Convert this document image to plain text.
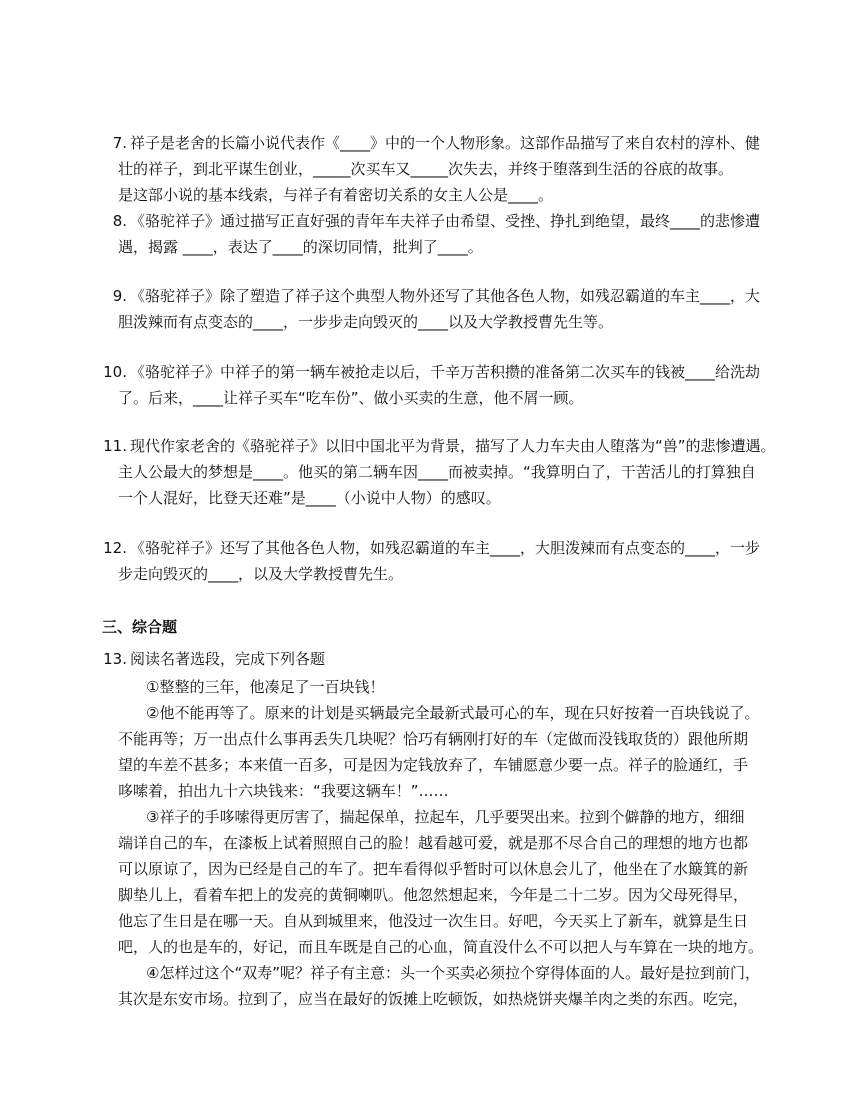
7. 祥子是老舍的长篇小说代表作《____》中的一个人物形象。这部作品描写了来自农村的淳朴、健
壮的祥子，到北平谋生创业，_____次买车又_____次失去，并终于堕落到生活的谷底的故事。
是这部小说的基本线索，与祥子有着密切关系的女主人公是____。
8. 《骆驼祥子》通过描写正直好强的青年车夫祥子由希望、受挫、挣扎到绝望，最终____的悲惨遭
遇，揭露 ____，表达了____的深切同情，批判了____。
9. 《骆驼祥子》除了塑造了祥子这个典型人物外还写了其他各色人物，如残忍霸道的车主____，大
胆泼辣而有点变态的____，一步步走向毁灭的____以及大学教授曹先生等。
10. 《骆驼祥子》中祥子的第一辆车被抢走以后，千辛万苦积攒的准备第二次买车的钱被____给洗劫
了。后来，____让祥子买车“吃车份”、做小买卖的生意，他不屑一顾。
11. 现代作家老舍的《骆驼祥子》以旧中国北平为背景，描写了人力车夫由人堕落为“兽”的悲惨遭遇。
主人公最大的梦想是____。他买的第二辆车因____而被卖掉。“我算明白了，干苦活儿的打算独自
一个人混好，比登天还难”是____（小说中人物）的感叹。
12. 《骆驼祥子》还写了其他各色人物，如残忍霸道的车主____，大胆泼辣而有点变态的____，一步
步走向毁灭的____，以及大学教授曹先生。
三、综合题
13. 阅读名著选段，完成下列各题
①整整的三年，他凑足了一百块钱！
②他不能再等了。原来的计划是买辆最完全最新式最可心的车，现在只好按着一百块钱说了。
不能再等；万一出点什么事再丢失几块呢？恰巧有辆刚打好的车（定做而没钱取货的）跟他所期
望的车差不甚多；本来值一百多，可是因为定钱放弃了，车铺愿意少要一点。祥子的脸通红，手
哆嗦着，拍出九十六块钱来：“我要这辆车！”……
③祥子的手哆嗦得更厉害了，揣起保单，拉起车，几乎要哭出来。拉到个僻静的地方，细细
端详自己的车，在漆板上试着照照自己的脸！越看越可爱，就是那不尽合自己的理想的地方也都
可以原谅了，因为已经是自己的车了。把车看得似乎暂时可以休息会儿了，他坐在了水簸箕的新
脚垫儿上，看着车把上的发亮的黄铜喇叭。他忽然想起来，今年是二十二岁。因为父母死得早，
他忘了生日是在哪一天。自从到城里来，他没过一次生日。好吧，今天买上了新车，就算是生日
吧，人的也是车的，好记，而且车既是自己的心血，简直没什么不可以把人与车算在一块的地方。
④怎样过这个“双寿”呢？祥子有主意：头一个买卖必须拉个穿得体面的人。最好是拉到前门，
其次是东安市场。拉到了，应当在最好的饭摊上吃顿饭，如热烧饼夹爆羊肉之类的东西。吃完，
